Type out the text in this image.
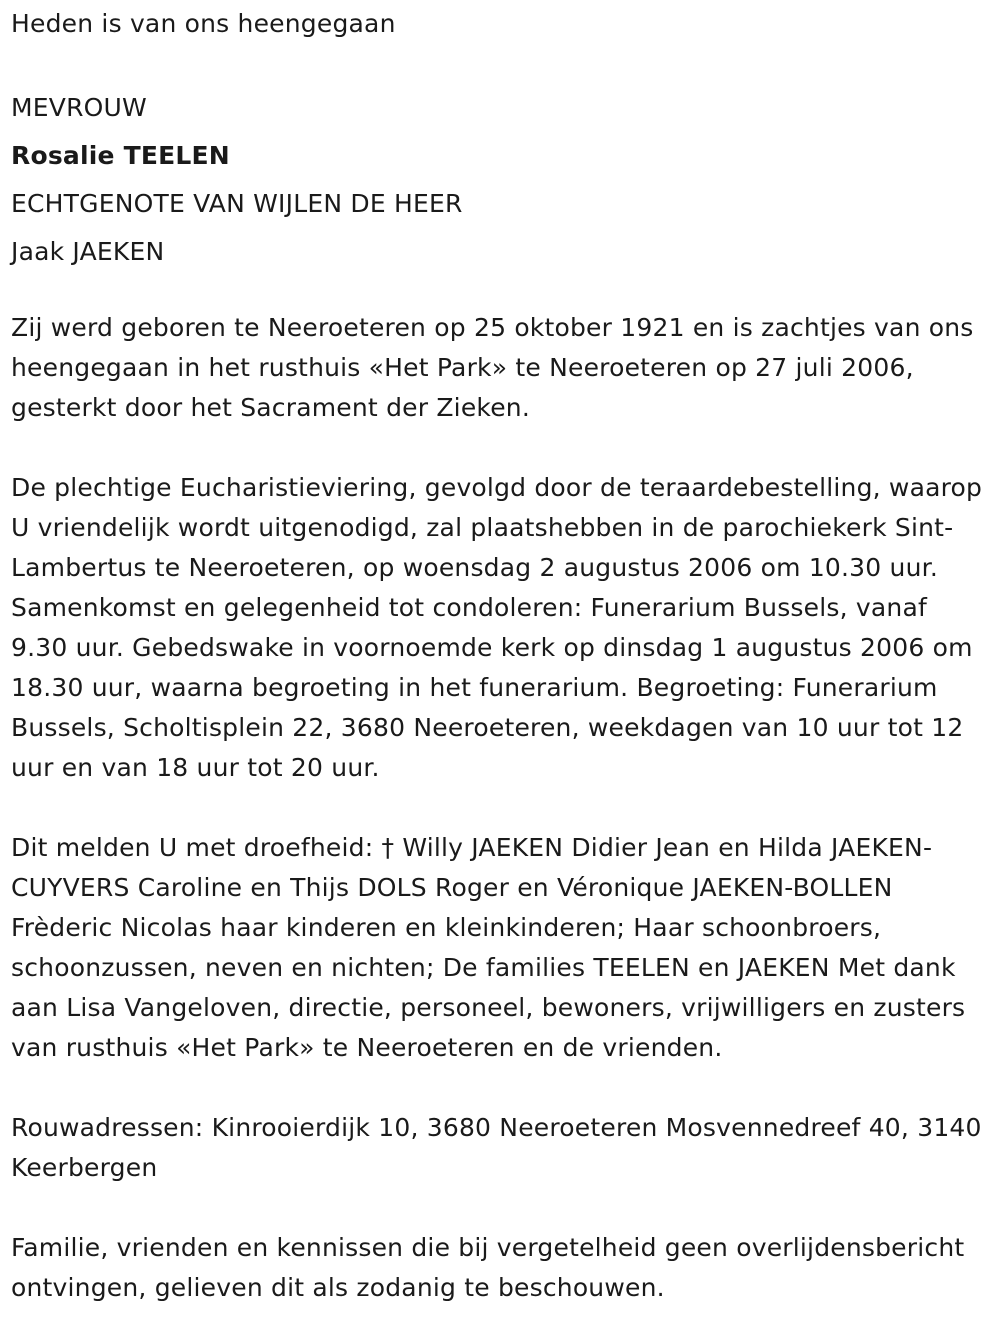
Heden is van ons heengegaan

MEVROUW

Rosalie TEELEN

ECHTGENOTE VAN WIJLEN DE HEER

Jaak JAEKEN

Zij werd geboren te Neeroeteren op 25 oktober 1921 en is zachtjes van ons heengegaan in het rusthuis «Het Park» te Neeroeteren op 27 juli 2006, gesterkt door het Sacrament der Zieken.

De plechtige Eucharistieviering, gevolgd door de teraardebestelling, waarop U vriendelijk wordt uitgenodigd, zal plaatshebben in de parochiekerk Sint-Lambertus te Neeroeteren, op woensdag 2 augustus 2006 om 10.30 uur. Samenkomst en gelegenheid tot condoleren: Funerarium Bussels, vanaf 9.30 uur. Gebedswake in voornoemde kerk op dinsdag 1 augustus 2006 om 18.30 uur, waarna begroeting in het funerarium. Begroeting: Funerarium Bussels, Scholtisplein 22, 3680 Neeroeteren, weekdagen van 10 uur tot 12 uur en van 18 uur tot 20 uur.

Dit melden U met droefheid: † Willy JAEKEN Didier Jean en Hilda JAEKEN-CUYVERS Caroline en Thijs DOLS Roger en Véronique JAEKEN-BOLLEN Frèderic Nicolas haar kinderen en kleinkinderen; Haar schoonbroers, schoonzussen, neven en nichten; De families TEELEN en JAEKEN Met dank aan Lisa Vangeloven, directie, personeel, bewoners, vrijwilligers en zusters van rusthuis «Het Park» te Neeroeteren en de vrienden.

Rouwadressen: Kinrooierdijk 10, 3680 Neeroeteren Mosvennedreef 40, 3140 Keerbergen

Familie, vrienden en kennissen die bij vergetelheid geen overlijdensbericht ontvingen, gelieven dit als zodanig te beschouwen.
